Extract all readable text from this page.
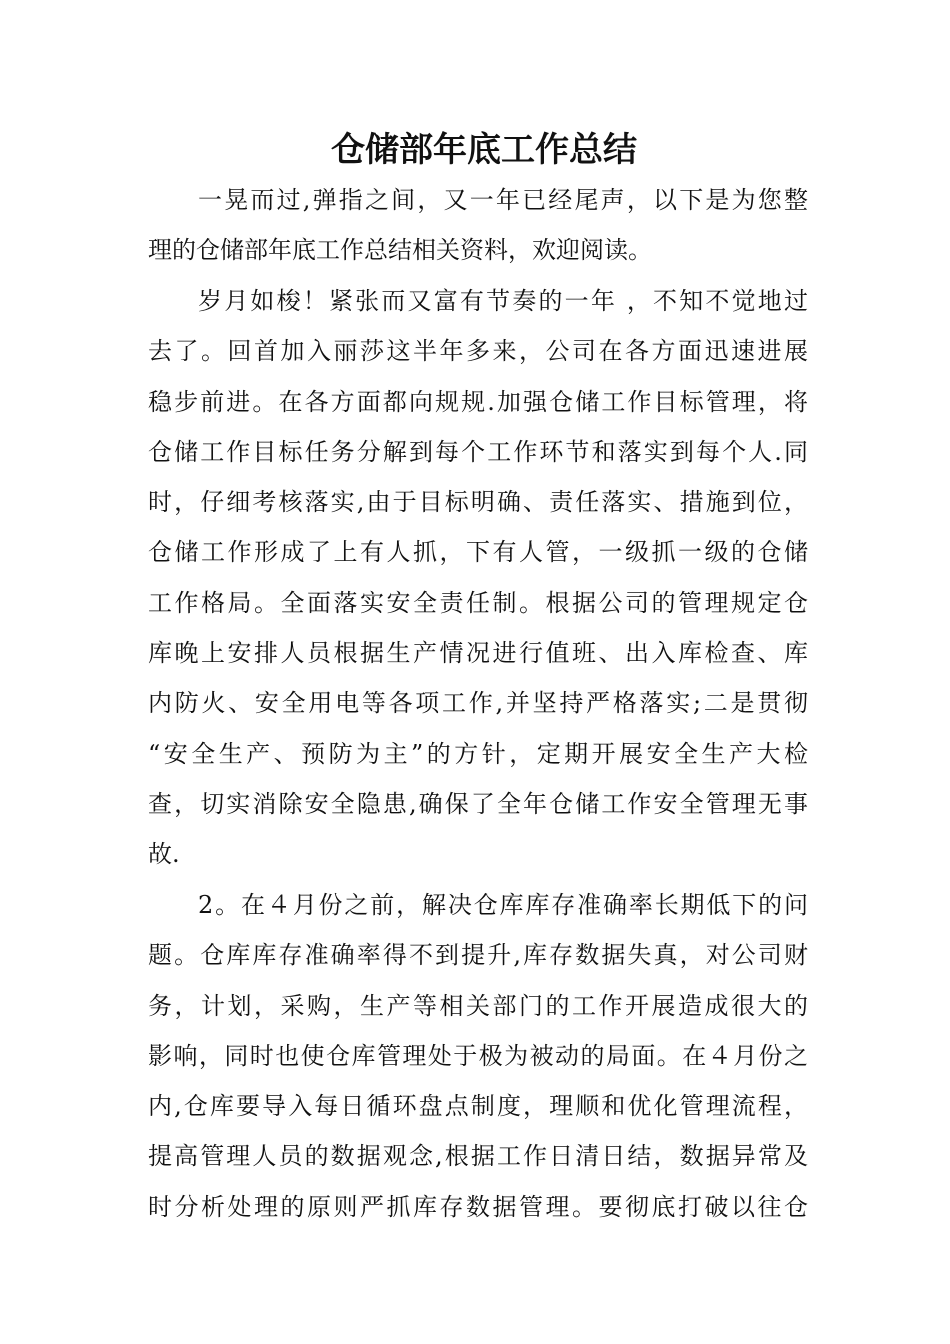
仓储部年底工作总结
一晃而过,弹指之间，又一年已经尾声，以下是为您整
理的仓储部年底工作总结相关资料，欢迎阅读。
岁月如梭！紧张而又富有节奏的一年 ，不知不觉地过
去了。回首加入丽莎这半年多来，公司在各方面迅速进展
稳步前进。在各方面都向规规.加强仓储工作目标管理，将
仓储工作目标任务分解到每个工作环节和落实到每个人.同
时，仔细考核落实,由于目标明确、责任落实、措施到位，
仓储工作形成了上有人抓，下有人管，一级抓一级的仓储
工作格局。全面落实安全责任制。根据公司的管理规定仓
库晚上安排人员根据生产情况进行值班、出入库检查、库
内防火、安全用电等各项工作,并坚持严格落实;二是贯彻
“安全生产、预防为主”的方针，定期开展安全生产大检
查，切实消除安全隐患,确保了全年仓储工作安全管理无事
故.
2。在４月份之前，解决仓库库存准确率长期低下的问
题。仓库库存准确率得不到提升,库存数据失真，对公司财
务，计划，采购，生产等相关部门的工作开展造成很大的
影响，同时也使仓库管理处于极为被动的局面。在４月份之
内,仓库要导入每日循环盘点制度，理顺和优化管理流程，
提高管理人员的数据观念,根据工作日清日结，数据异常及
时分析处理的原则严抓库存数据管理。要彻底打破以往仓
